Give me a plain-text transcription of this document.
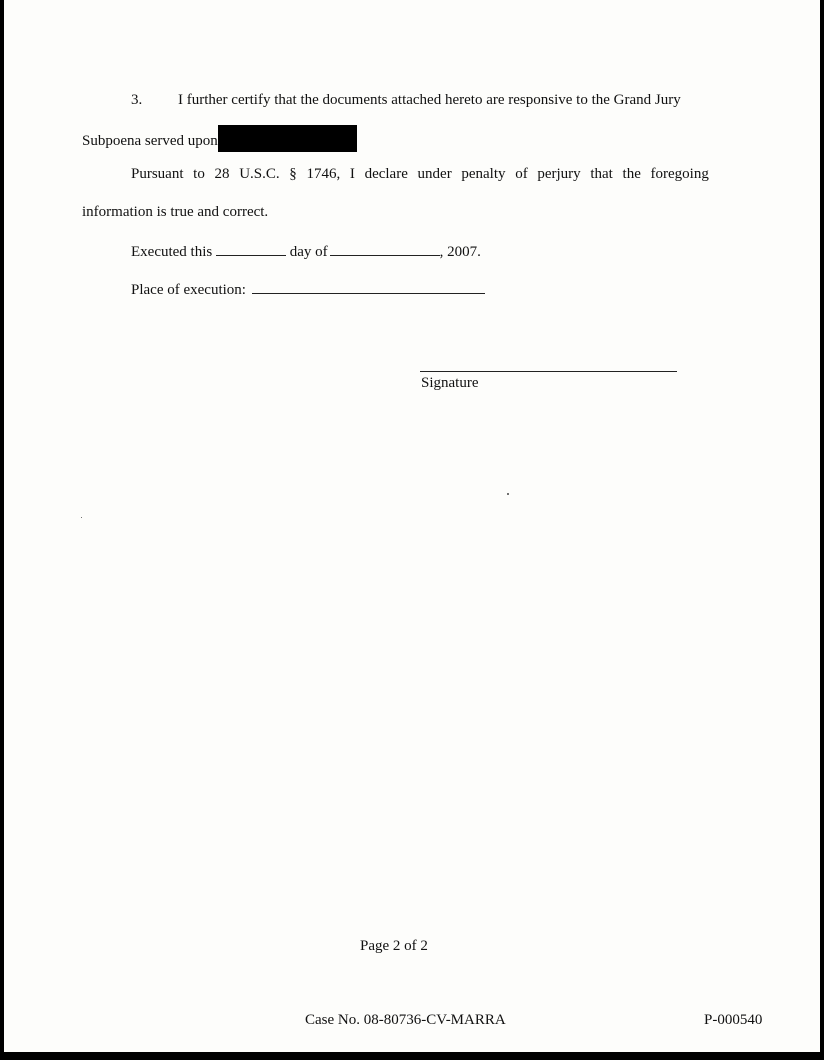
3. I further certify that the documents attached hereto are responsive to the Grand Jury
Subpoena served upon
Pursuant to 28 U.S.C. § 1746, I declare under penalty of perjury that the foregoing
information is true and correct.
Executed this	day of	, 2007.
Place of execution:
Signature
Page 2 of 2
Case No. 08-80736-CV-MARRA	P-000540
